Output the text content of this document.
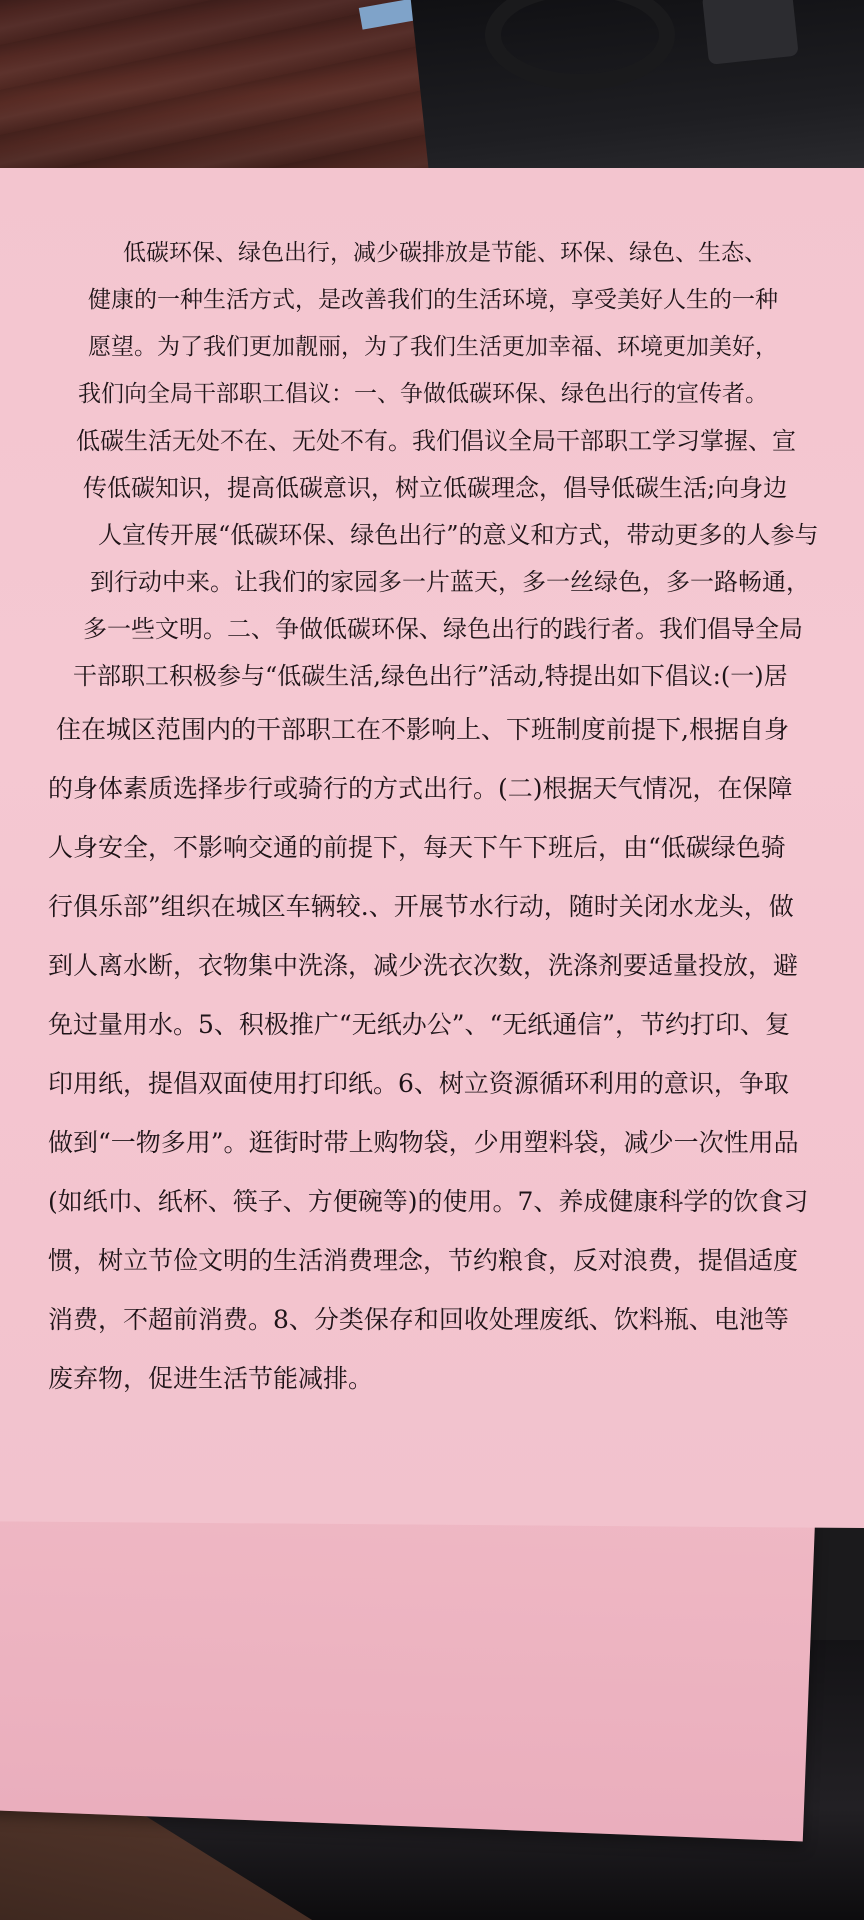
低碳环保、绿色出行，减少碳排放是节能、环保、绿色、生态、
健康的一种生活方式，是改善我们的生活环境，享受美好人生的一种
愿望。为了我们更加靓丽，为了我们生活更加幸福、环境更加美好，
我们向全局干部职工倡议：一、争做低碳环保、绿色出行的宣传者。
低碳生活无处不在、无处不有。我们倡议全局干部职工学习掌握、宣
传低碳知识，提高低碳意识，树立低碳理念，倡导低碳生活;向身边
人宣传开展“低碳环保、绿色出行”的意义和方式，带动更多的人参与
到行动中来。让我们的家园多一片蓝天，多一丝绿色，多一路畅通，
多一些文明。二、争做低碳环保、绿色出行的践行者。我们倡导全局
干部职工积极参与“低碳生活,绿色出行”活动,特提出如下倡议:(一)居
住在城区范围内的干部职工在不影响上、下班制度前提下,根据自身
的身体素质选择步行或骑行的方式出行。(二)根据天气情况，在保障
人身安全，不影响交通的前提下，每天下午下班后，由“低碳绿色骑
行俱乐部”组织在城区车辆较.、开展节水行动，随时关闭水龙头，做
到人离水断，衣物集中洗涤，减少洗衣次数，洗涤剂要适量投放，避
免过量用水。5、积极推广“无纸办公”、“无纸通信”，节约打印、复
印用纸，提倡双面使用打印纸。6、树立资源循环利用的意识，争取
做到“一物多用”。逛街时带上购物袋，少用塑料袋，减少一次性用品
(如纸巾、纸杯、筷子、方便碗等)的使用。7、养成健康科学的饮食习
惯，树立节俭文明的生活消费理念，节约粮食，反对浪费，提倡适度
消费，不超前消费。8、分类保存和回收处理废纸、饮料瓶、电池等
废弃物，促进生活节能减排。
